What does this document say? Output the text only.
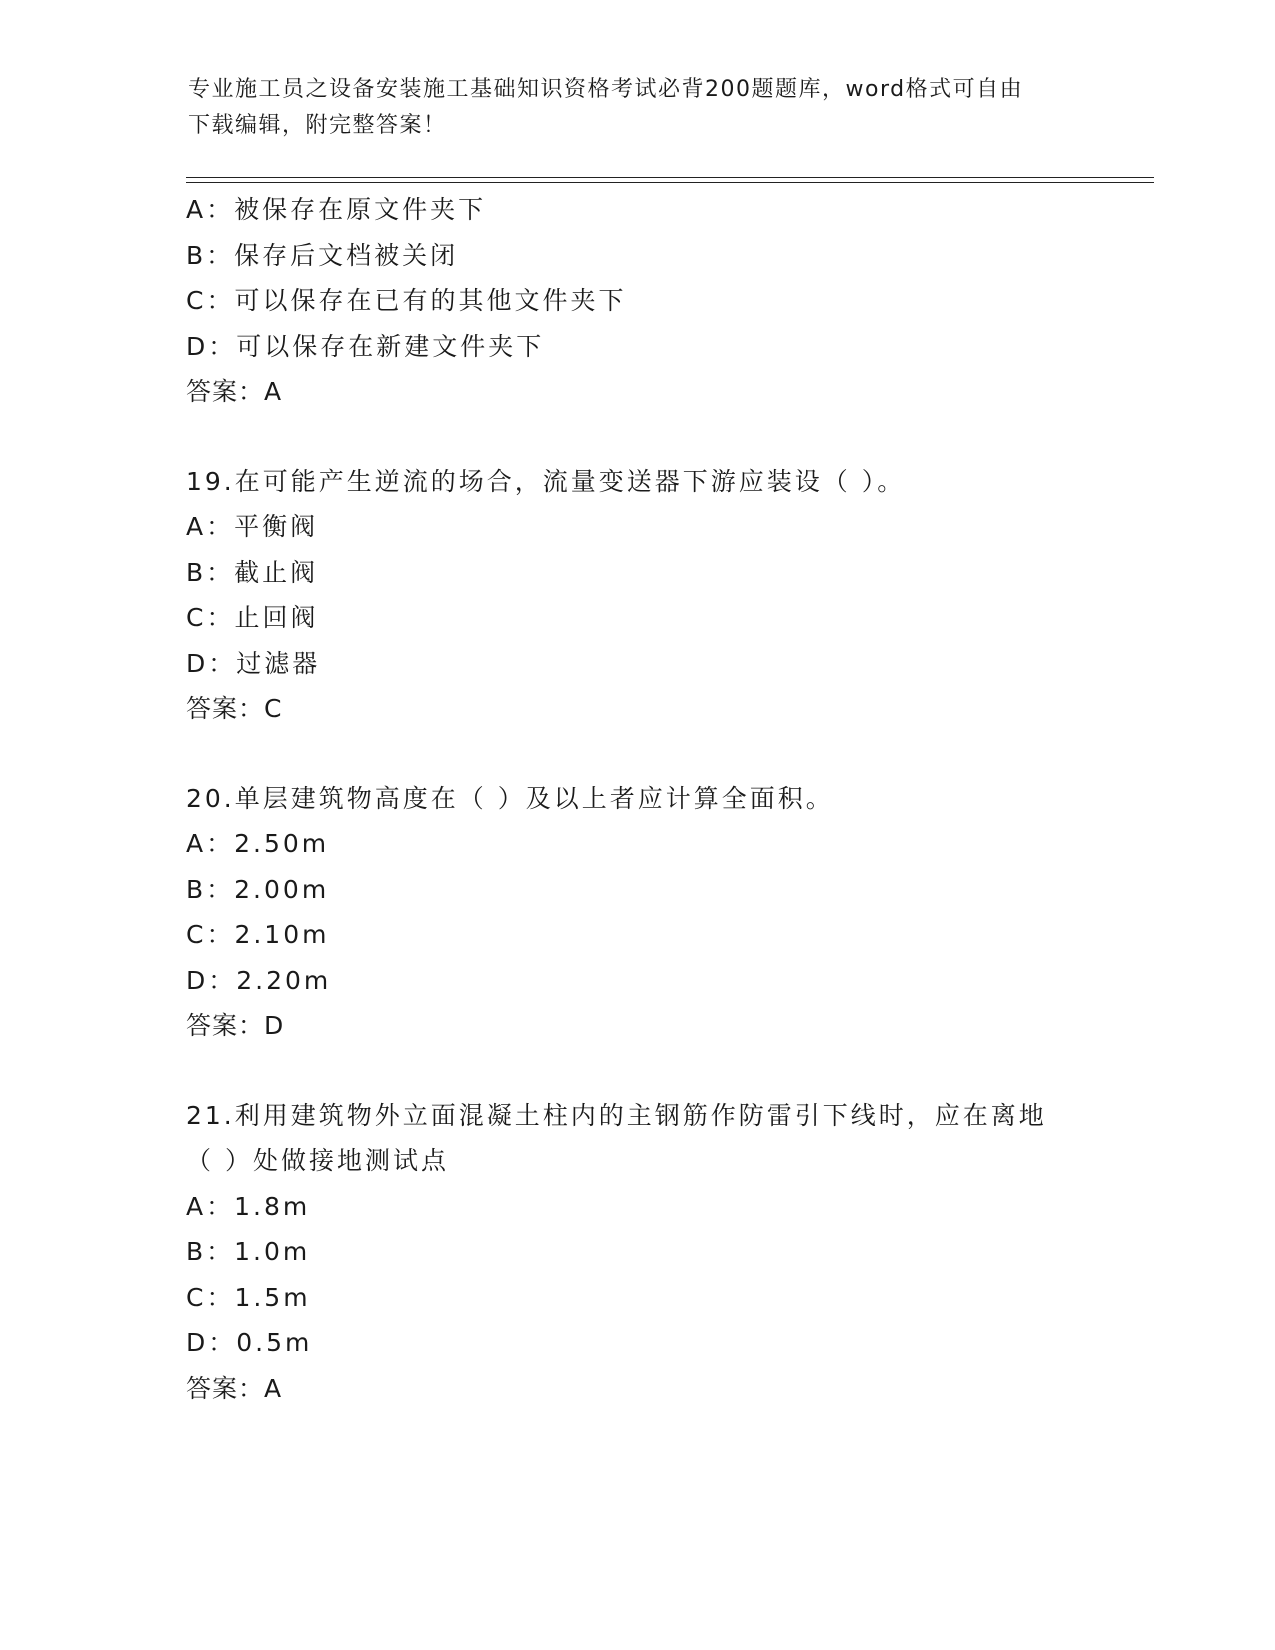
专业施工员之设备安装施工基础知识资格考试必背200题题库，word格式可自由
下载编辑，附完整答案！
A：被保存在原文件夹下
B：保存后文档被关闭
C：可以保存在已有的其他文件夹下
D：可以保存在新建文件夹下
答案：A
19.在可能产生逆流的场合，流量变送器下游应装设（ ）。
A：平衡阀
B：截止阀
C：止回阀
D：过滤器
答案：C
20.单层建筑物高度在（ ）及以上者应计算全面积。
A：2.50m
B：2.00m
C：2.10m
D：2.20m
答案：D
21.利用建筑物外立面混凝土柱内的主钢筋作防雷引下线时，应在离地
（ ）处做接地测试点
A：1.8m
B：1.0m
C：1.5m
D：0.5m
答案：A
